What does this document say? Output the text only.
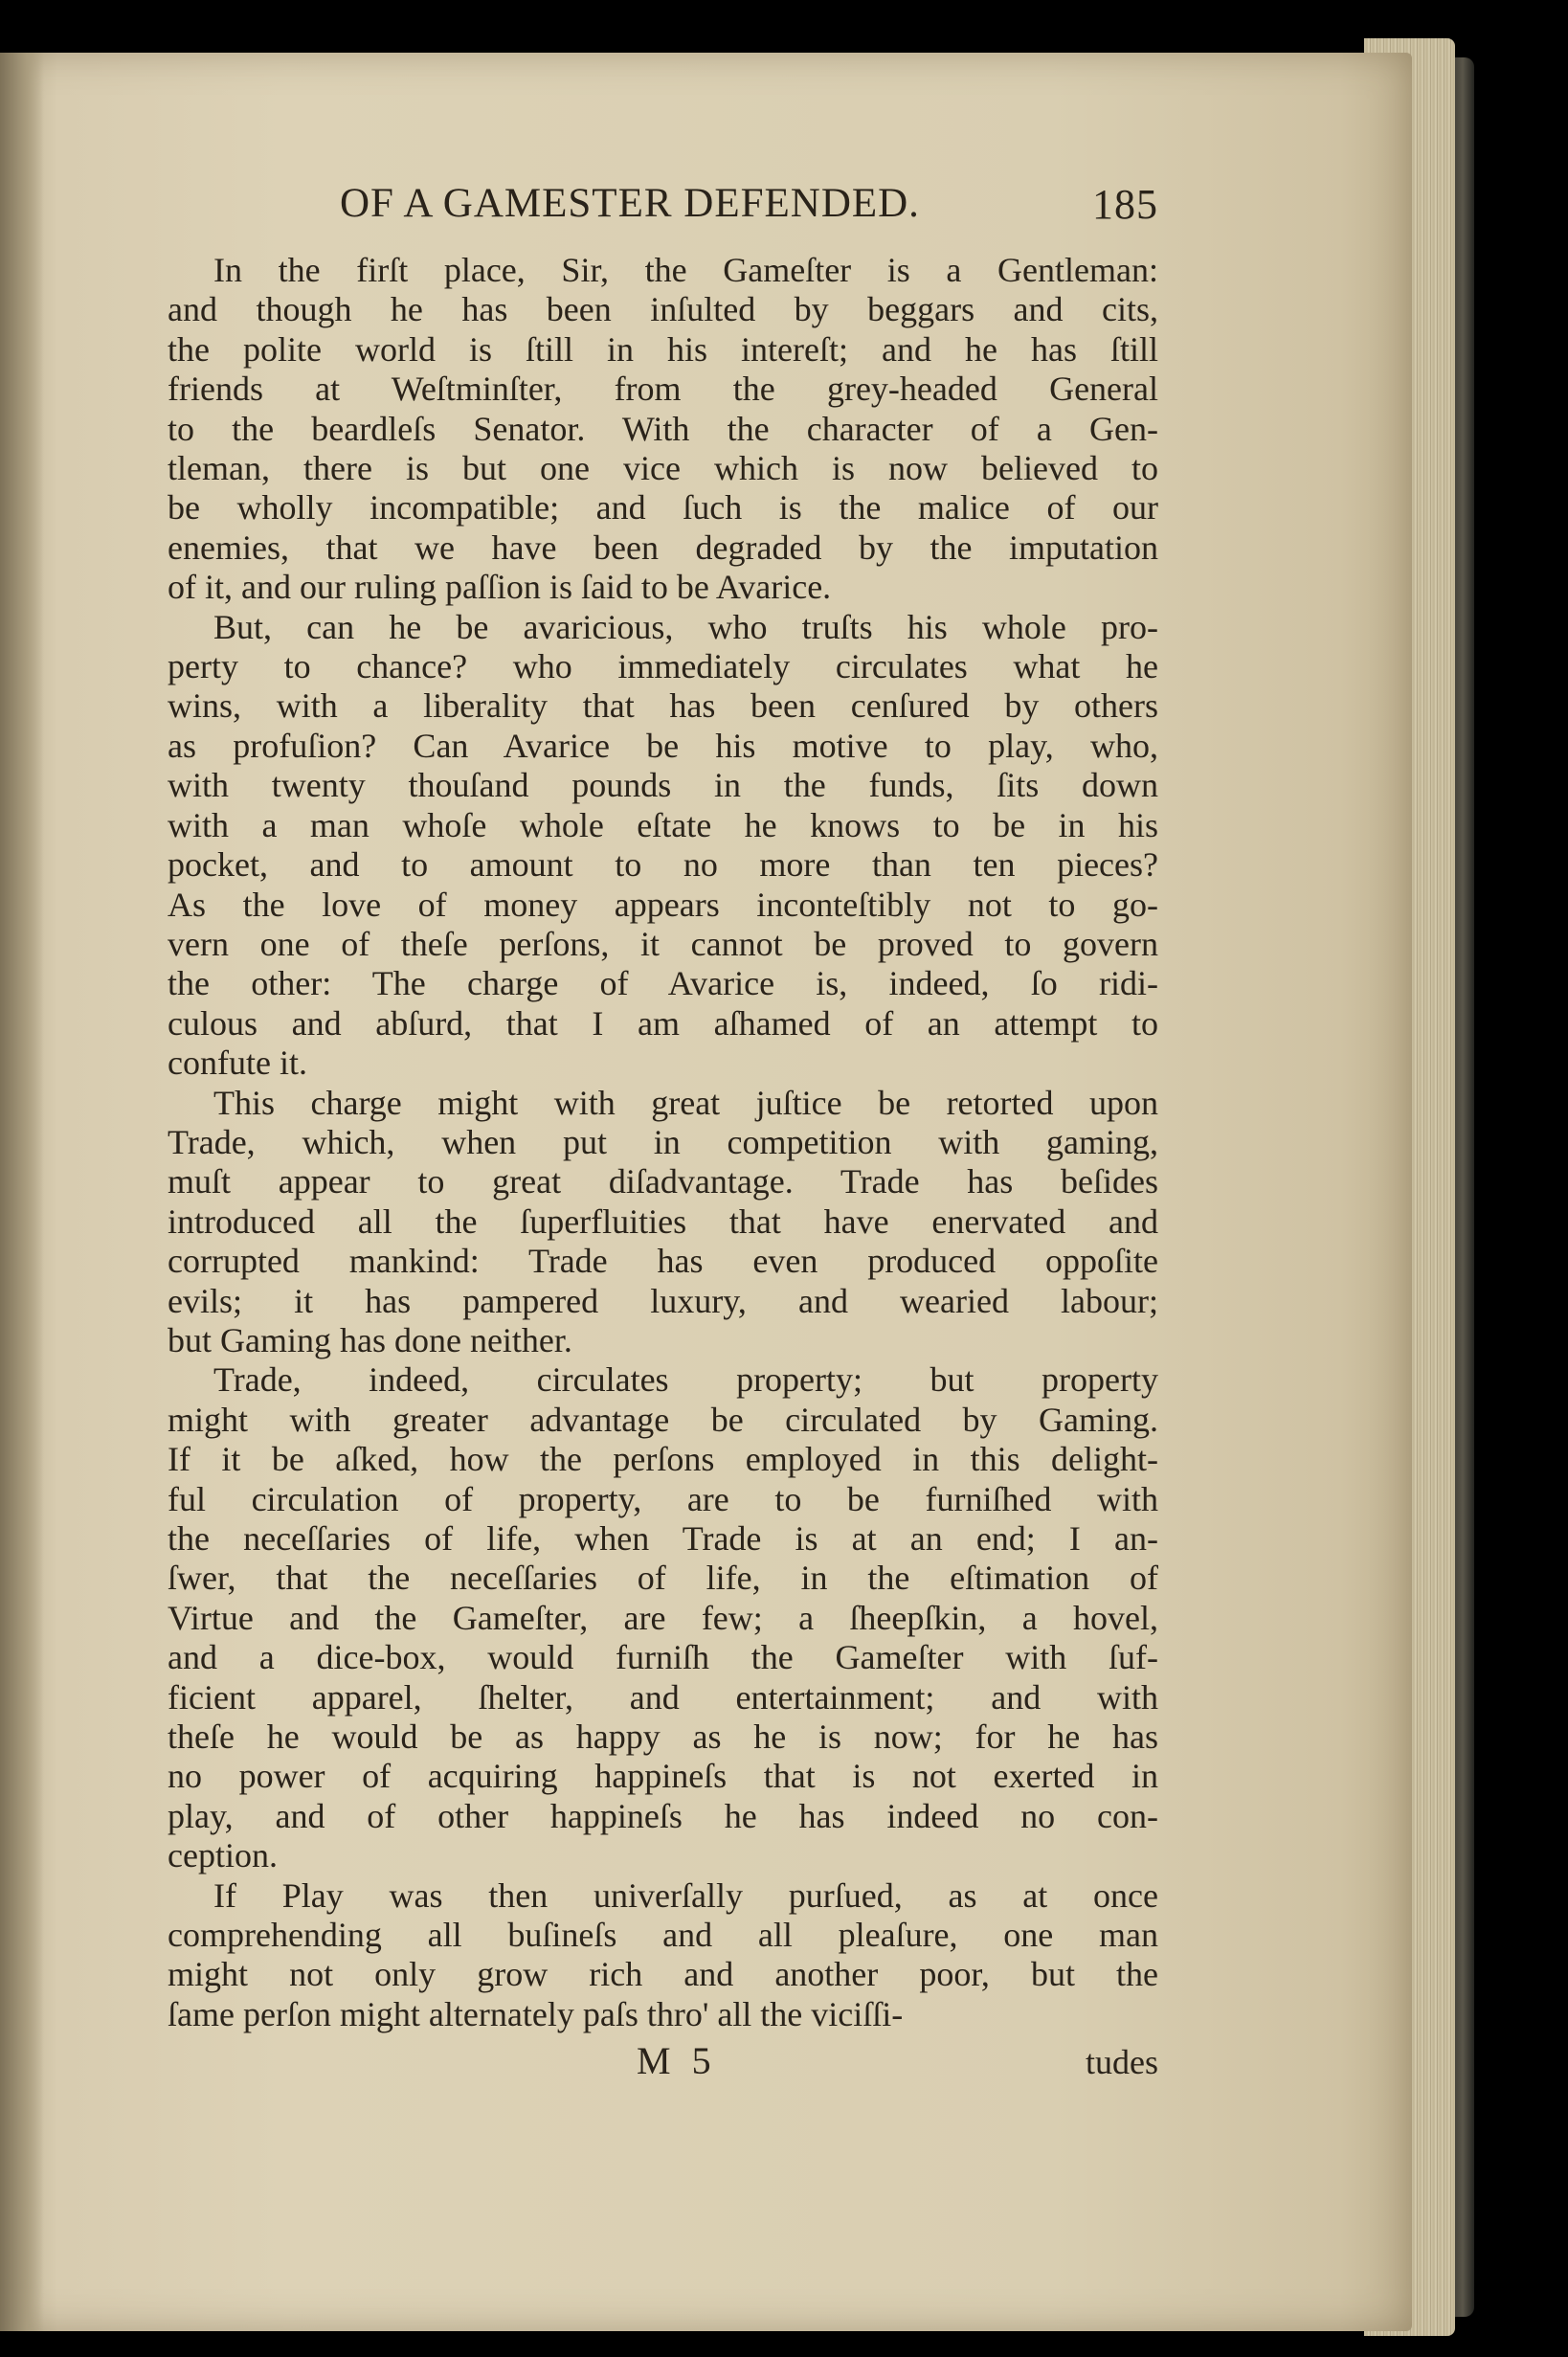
OF A GAMESTER DEFENDED.	185
In the firſt place, Sir, the Gameſter is a Gentleman:
and though he has been inſulted by beggars and cits,
the polite world is ſtill in his intereſt; and he has ſtill
friends at Weſtminſter, from the grey-headed General
to the beardleſs Senator. With the character of a Gen-
tleman, there is but one vice which is now believed to
be wholly incompatible; and ſuch is the malice of our
enemies, that we have been degraded by the imputation
of it, and our ruling paſſion is ſaid to be Avarice.
But, can he be avaricious, who truſts his whole pro-
perty to chance? who immediately circulates what he
wins, with a liberality that has been cenſured by others
as profuſion? Can Avarice be his motive to play, who,
with twenty thouſand pounds in the funds, ſits down
with a man whoſe whole eſtate he knows to be in his
pocket, and to amount to no more than ten pieces?
As the love of money appears inconteſtibly not to go-
vern one of theſe perſons, it cannot be proved to govern
the other: The charge of Avarice is, indeed, ſo ridi-
culous and abſurd, that I am aſhamed of an attempt to
confute it.
This charge might with great juſtice be retorted upon
Trade, which, when put in competition with gaming,
muſt appear to great diſadvantage. Trade has beſides
introduced all the ſuperfluities that have enervated and
corrupted mankind: Trade has even produced oppoſite
evils; it has pampered luxury, and wearied labour;
but Gaming has done neither.
Trade, indeed, circulates property; but property
might with greater advantage be circulated by Gaming.
If it be aſked, how the perſons employed in this delight-
ful circulation of property, are to be furniſhed with
the neceſſaries of life, when Trade is at an end; I an-
ſwer, that the neceſſaries of life, in the eſtimation of
Virtue and the Gameſter, are few; a ſheepſkin, a hovel,
and a dice-box, would furniſh the Gameſter with ſuf-
ficient apparel, ſhelter, and entertainment; and with
theſe he would be as happy as he is now; for he has
no power of acquiring happineſs that is not exerted in
play, and of other happineſs he has indeed no con-
ception.
If Play was then univerſally purſued, as at once
comprehending all buſineſs and all pleaſure, one man
might not only grow rich and another poor, but the
ſame perſon might alternately paſs thro' all the viciſſi-
M 5	tudes
